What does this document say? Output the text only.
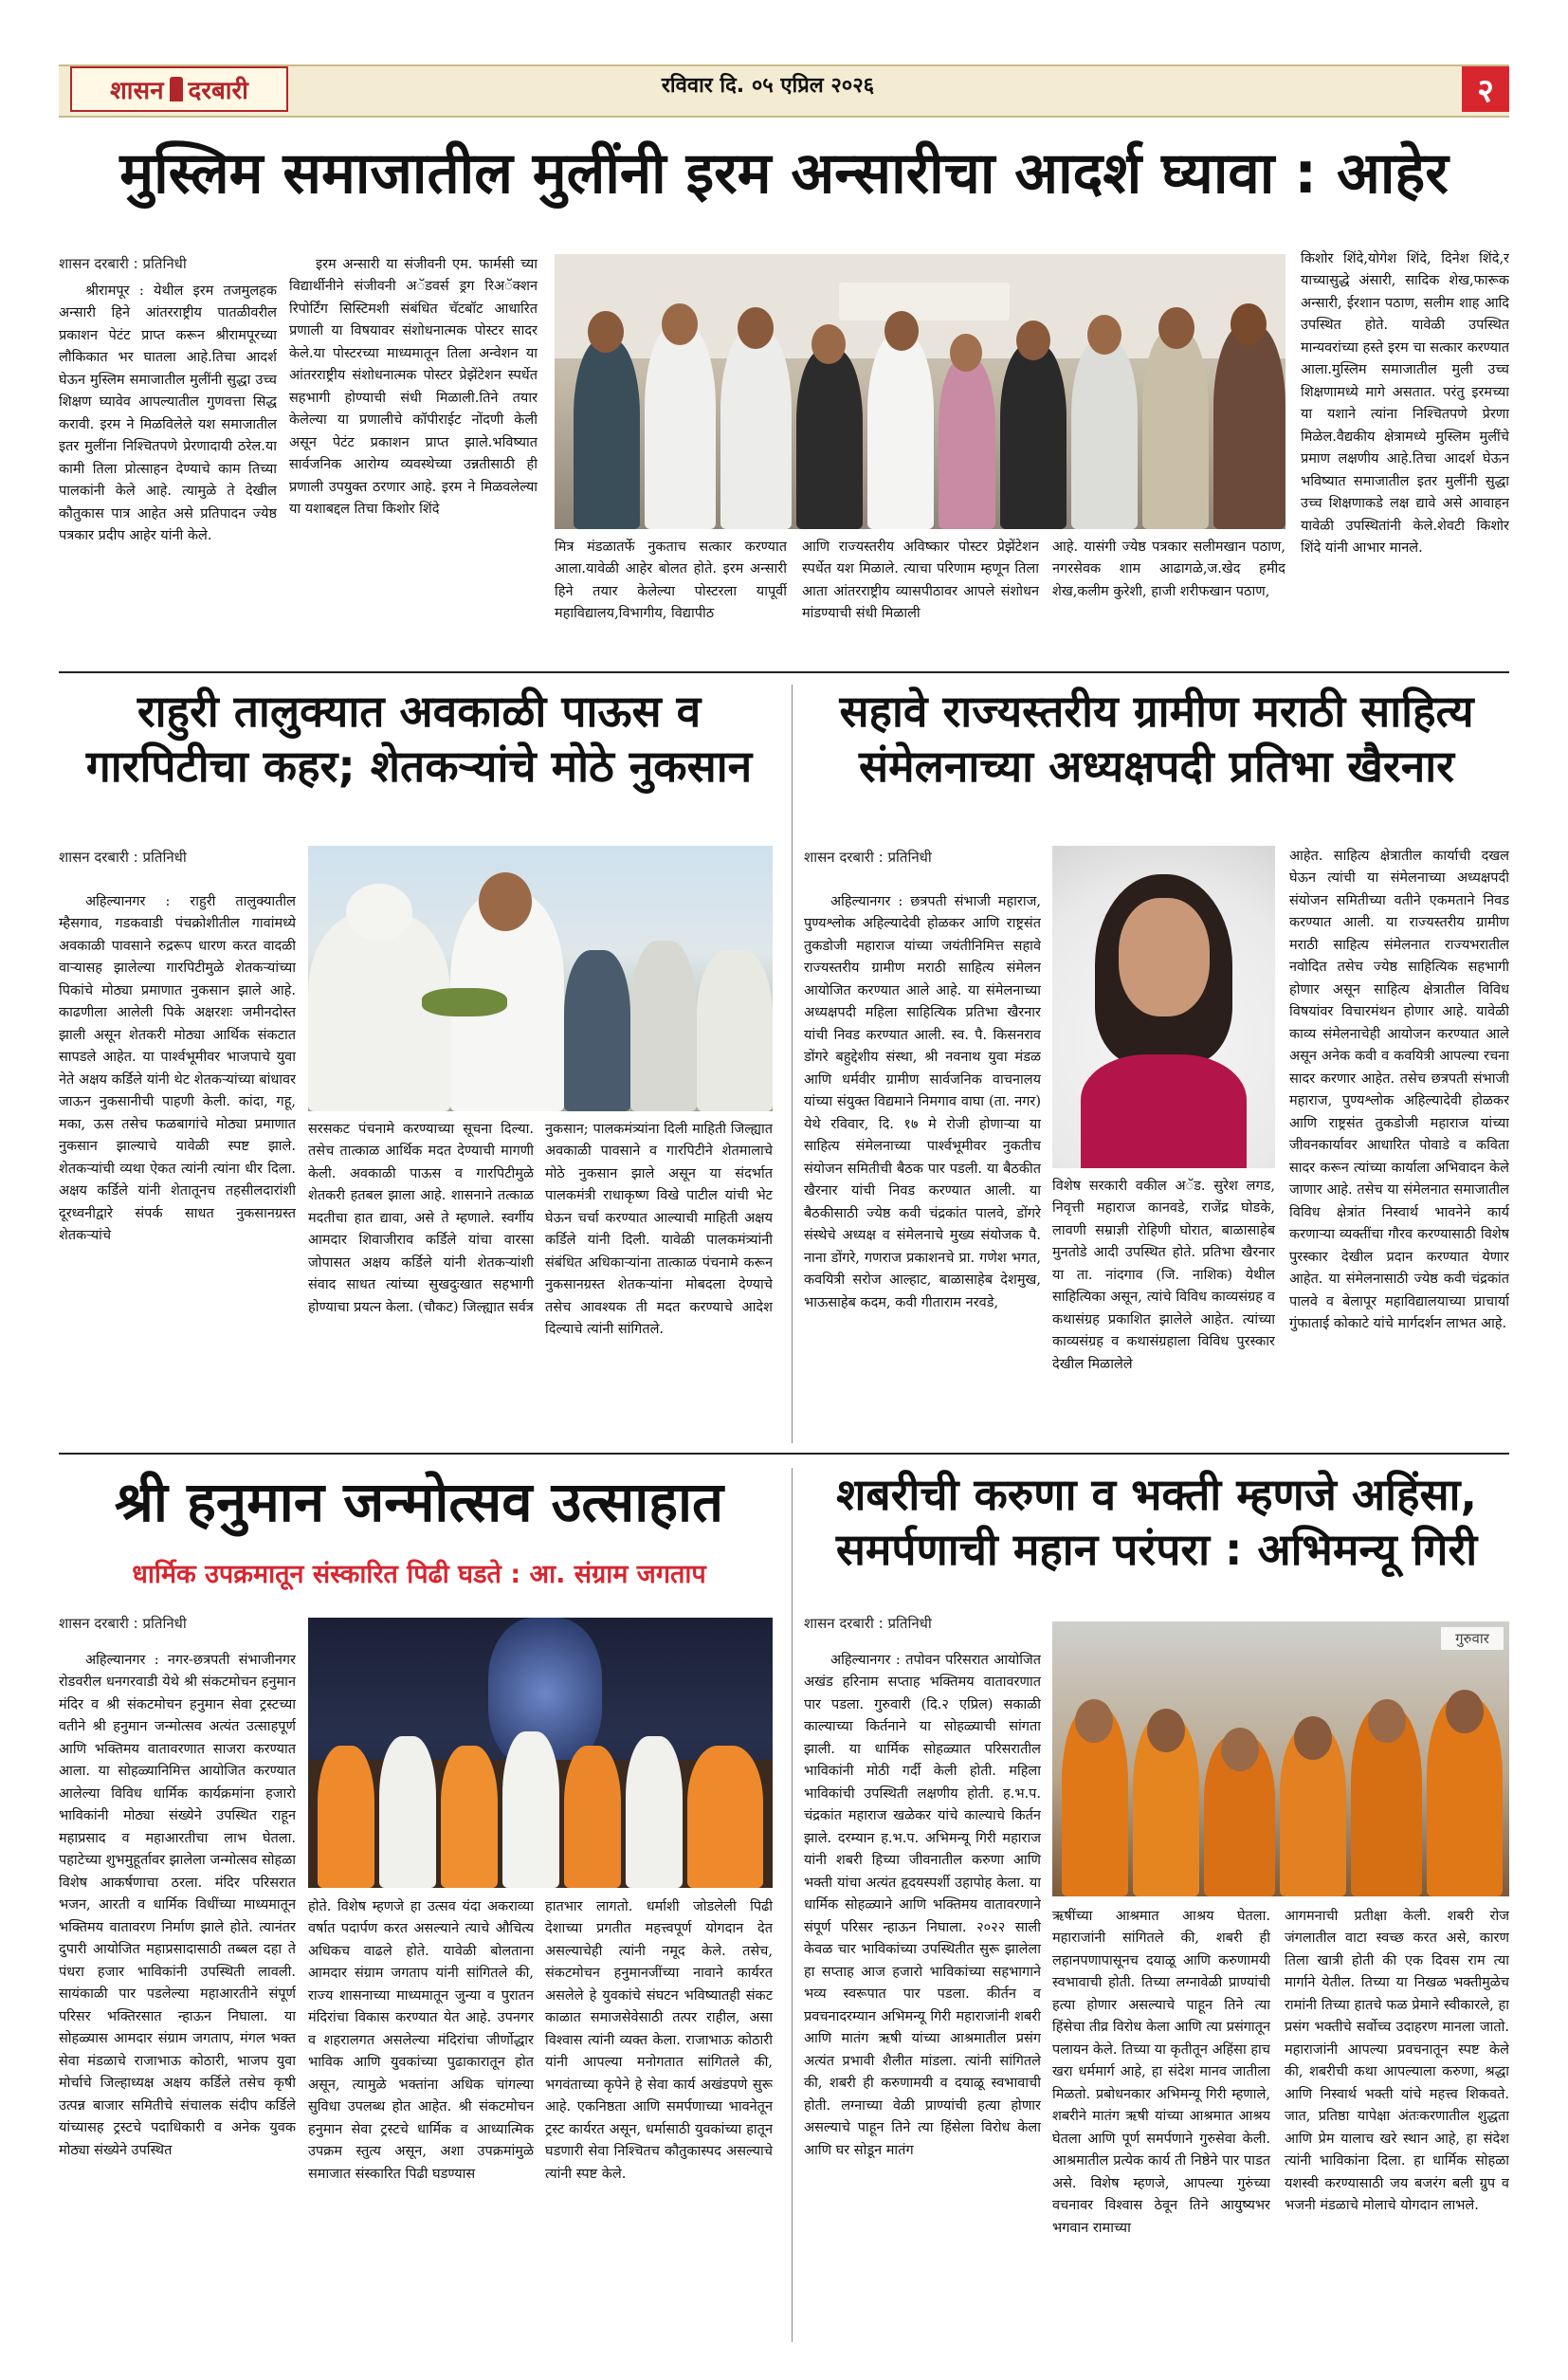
शासन दरबारी	रविवार दि. ०५ एप्रिल २०२६	२
मुस्लिम समाजातील मुलींनी इरम अन्सारीचा आदर्श घ्यावा : आहेर
शासन दरबारी : प्रतिनिधी

श्रीरामपूर : येथील इरम तजमुलहक अन्सारी हिने आंतरराष्ट्रीय पातळीवरील प्रकाशन पेटंट प्राप्त करून श्रीरामपूरच्या लौकिकात भर घातला आहे.तिचा आदर्श घेऊन मुस्लिम समाजातील मुलींनी सुद्धा उच्च शिक्षण घ्यावेव आपल्यातील गुणवत्ता सिद्ध करावी. इरम ने मिळविलेले यश समाजातील इतर मुलींना निश्चितपणे प्रेरणादायी ठरेल.या कामी तिला प्रोत्साहन देण्याचे काम तिच्या पालकांनी केले आहे. त्यामुळे ते देखील कौतुकास पात्र आहेत असे प्रतिपादन ज्येष्ठ पत्रकार प्रदीप आहेर यांनी केले.

इरम अन्सारी या संजीवनी एम. फार्मसी च्या विद्यार्थीनीने संजीवनी अॅडवर्स ड्रग रिअॅक्शन रिपोर्टिंग सिस्टिमशी संबंधित चॅटबॉट आधारित प्रणाली या विषयावर संशोधनात्मक पोस्टर सादर केले.या पोस्टरच्या माध्यमातून तिला अन्वेशन या आंतरराष्ट्रीय संशोधनात्मक पोस्टर प्रेझेंटेशन स्पर्धेत सहभागी होण्याची संधी मिळाली.तिने तयार केलेल्या या प्रणालीचे कॉपीराईट नोंदणी केली असून पेटंट प्रकाशन प्राप्त झाले.भविष्यात सार्वजनिक आरोग्य व्यवस्थेच्या उन्नतीसाठी ही प्रणाली उपयुक्त ठरणार आहे. इरम ने मिळवलेल्या या यशाबद्दल तिचा किशोर शिंदे

मित्र मंडळातर्फे नुकताच सत्कार करण्यात आला.यावेळी आहेर बोलत होते. इरम अन्सारी हिने तयार केलेल्या पोस्टरला यापूर्वी महाविद्यालय,विभागीय, विद्यापीठ

आणि राज्यस्तरीय अविष्कार पोस्टर प्रेझेंटेशन स्पर्धेत यश मिळाले. त्याचा परिणाम म्हणून तिला आता आंतरराष्ट्रीय व्यासपीठावर आपले संशोधन मांडण्याची संधी मिळाली

आहे. यासंगी ज्येष्ठ पत्रकार सलीमखान पठाण, नगरसेवक शाम आढागळे,ज.खेद हमीद शेख,कलीम कुरेशी, हाजी शरीफखान पठाण,

किशोर शिंदे,योगेश शिंदे, दिनेश शिंदे,र याच्यासुद्धे अंसारी, सादिक शेख,फारूक अन्सारी, ईरशान पठाण, सलीम शाह आदि उपस्थित होते. यावेळी उपस्थित मान्यवरांच्या हस्ते इरम चा सत्कार करण्यात आला.मुस्लिम समाजातील मुली उच्च शिक्षणामध्ये मागे असतात. परंतु इरमच्या या यशाने त्यांना निश्चितपणे प्रेरणा मिळेल.वैद्यकीय क्षेत्रामध्ये मुस्लिम मुलींचे प्रमाण लक्षणीय आहे.तिचा आदर्श घेऊन भविष्यात समाजातील इतर मुलींनी सुद्धा उच्च शिक्षणाकडे लक्ष द्यावे असे आवाहन यावेळी उपस्थितांनी केले.शेवटी किशोर शिंदे यांनी आभार मानले.

राहुरी तालुक्यात अवकाळी पाऊस व
गारपिटीचा कहर; शेतकऱ्यांचे मोठे नुकसान
शासन दरबारी : प्रतिनिधी

अहिल्यानगर : राहुरी तालुक्यातील म्हैसगाव, गडकवाडी पंचक्रोशीतील गावांमध्ये अवकाळी पावसाने रुद्ररूप धारण करत वादळी वाऱ्यासह झालेल्या गारपिटीमुळे शेतकऱ्यांच्या पिकांचे मोठ्या प्रमाणात नुकसान झाले आहे. काढणीला आलेली पिके अक्षरशः जमीनदोस्त झाली असून शेतकरी मोठ्या आर्थिक संकटात सापडले आहेत. या पार्श्वभूमीवर भाजपाचे युवा नेते अक्षय कर्डिले यांनी थेट शेतकऱ्यांच्या बांधावर जाऊन नुकसानीची पाहणी केली. कांदा, गहू, मका, ऊस तसेच फळबागांचे मोठ्या प्रमाणात नुकसान झाल्याचे यावेळी स्पष्ट झाले. शेतकऱ्यांची व्यथा ऐकत त्यांनी त्यांना धीर दिला. अक्षय कर्डिले यांनी शेतातूनच तहसीलदारांशी दूरध्वनीद्वारे संपर्क साधत नुकसानग्रस्त शेतकऱ्यांचे

सरसकट पंचनामे करण्याच्या सूचना दिल्या. तसेच तात्काळ आर्थिक मदत देण्याची मागणी केली. अवकाळी पाऊस व गारपिटीमुळे शेतकरी हतबल झाला आहे. शासनाने तत्काळ मदतीचा हात द्यावा, असे ते म्हणाले. स्वर्गीय आमदार शिवाजीराव कर्डिले यांचा वारसा जोपासत अक्षय कर्डिले यांनी शेतकऱ्यांशी संवाद साधत त्यांच्या सुखदुःखात सहभागी होण्याचा प्रयत्न केला. (चौकट) जिल्ह्यात सर्वत्र

नुकसान; पालकमंत्र्यांना दिली माहिती जिल्ह्यात अवकाळी पावसाने व गारपिटीने शेतमालाचे मोठे नुकसान झाले असून या संदर्भात पालकमंत्री राधाकृष्ण विखे पाटील यांची भेट घेऊन चर्चा करण्यात आल्याची माहिती अक्षय कर्डिले यांनी दिली. यावेळी पालकमंत्र्यांनी संबंधित अधिकाऱ्यांना तात्काळ पंचनामे करून नुकसानग्रस्त शेतकऱ्यांना मोबदला देण्याचे तसेच आवश्यक ती मदत करण्याचे आदेश दिल्याचे त्यांनी सांगितले.

सहावे राज्यस्तरीय ग्रामीण मराठी साहित्य
संमेलनाच्या अध्यक्षपदी प्रतिभा खैरनार
शासन दरबारी : प्रतिनिधी

अहिल्यानगर : छत्रपती संभाजी महाराज, पुण्यश्लोक अहिल्यादेवी होळकर आणि राष्ट्रसंत तुकडोजी महाराज यांच्या जयंतीनिमित्त सहावे राज्यस्तरीय ग्रामीण मराठी साहित्य संमेलन आयोजित करण्यात आले आहे. या संमेलनाच्या अध्यक्षपदी महिला साहित्यिक प्रतिभा खैरनार यांची निवड करण्यात आली. स्व. पै. किसनराव डोंगरे बहुद्देशीय संस्था, श्री नवनाथ युवा मंडळ आणि धर्मवीर ग्रामीण सार्वजनिक वाचनालय यांच्या संयुक्त विद्यमाने निमगाव वाघा (ता. नगर) येथे रविवार, दि. १७ मे रोजी होणाऱ्या या साहित्य संमेलनाच्या पार्श्वभूमीवर नुकतीच संयोजन समितीची बैठक पार पडली. या बैठकीत खैरनार यांची निवड करण्यात आली. या बैठकीसाठी ज्येष्ठ कवी चंद्रकांत पालवे, डोंगरे संस्थेचे अध्यक्ष व संमेलनाचे मुख्य संयोजक पै. नाना डोंगरे, गणराज प्रकाशनचे प्रा. गणेश भगत, कवयित्री सरोज आल्हाट, बाळासाहेब देशमुख, भाऊसाहेब कदम, कवी गीताराम नरवडे,

विशेष सरकारी वकील अॅड. सुरेश लगड, निवृत्ती महाराज कानवडे, राजेंद्र घोडके, लावणी सम्राज्ञी रोहिणी घोरात, बाळासाहेब मुनतोडे आदी उपस्थित होते. प्रतिभा खैरनार या ता. नांदगाव (जि. नाशिक) येथील साहित्यिका असून, त्यांचे विविध काव्यसंग्रह व कथासंग्रह प्रकाशित झालेले आहेत. त्यांच्या काव्यसंग्रह व कथासंग्रहाला विविध पुरस्कार देखील मिळालेले

आहेत. साहित्य क्षेत्रातील कार्याची दखल घेऊन त्यांची या संमेलनाच्या अध्यक्षपदी संयोजन समितीच्या वतीने एकमताने निवड करण्यात आली. या राज्यस्तरीय ग्रामीण मराठी साहित्य संमेलनात राज्यभरातील नवोदित तसेच ज्येष्ठ साहित्यिक सहभागी होणार असून साहित्य क्षेत्रातील विविध विषयांवर विचारमंथन होणार आहे. यावेळी काव्य संमेलनाचेही आयोजन करण्यात आले असून अनेक कवी व कवयित्री आपल्या रचना सादर करणार आहेत. तसेच छत्रपती संभाजी महाराज, पुण्यश्लोक अहिल्यादेवी होळकर आणि राष्ट्रसंत तुकडोजी महाराज यांच्या जीवनकार्यावर आधारित पोवाडे व कविता सादर करून त्यांच्या कार्याला अभिवादन केले जाणार आहे. तसेच या संमेलनात समाजातील विविध क्षेत्रांत निस्वार्थ भावनेने कार्य करणाऱ्या व्यक्तींचा गौरव करण्यासाठी विशेष पुरस्कार देखील प्रदान करण्यात येणार आहेत. या संमेलनासाठी ज्येष्ठ कवी चंद्रकांत पालवे व बेलापूर महाविद्यालयाच्या प्राचार्या गुंफाताई कोकाटे यांचे मार्गदर्शन लाभत आहे.

श्री हनुमान जन्मोत्सव उत्साहात
धार्मिक उपक्रमातून संस्कारित पिढी घडते : आ. संग्राम जगताप
शासन दरबारी : प्रतिनिधी

अहिल्यानगर : नगर-छत्रपती संभाजीनगर रोडवरील धनगरवाडी येथे श्री संकटमोचन हनुमान मंदिर व श्री संकटमोचन हनुमान सेवा ट्रस्टच्या वतीने श्री हनुमान जन्मोत्सव अत्यंत उत्साहपूर्ण आणि भक्तिमय वातावरणात साजरा करण्यात आला. या सोहळ्यानिमित्त आयोजित करण्यात आलेल्या विविध धार्मिक कार्यक्रमांना हजारो भाविकांनी मोठ्या संख्येने उपस्थित राहून महाप्रसाद व महाआरतीचा लाभ घेतला. पहाटेच्या शुभमुहूर्तावर झालेला जन्मोत्सव सोहळा विशेष आकर्षणाचा ठरला. मंदिर परिसरात भजन, आरती व धार्मिक विधींच्या माध्यमातून भक्तिमय वातावरण निर्माण झाले होते. त्यानंतर दुपारी आयोजित महाप्रसादासाठी तब्बल दहा ते पंधरा हजार भाविकांनी उपस्थिती लावली. सायंकाळी पार पडलेल्या महाआरतीने संपूर्ण परिसर भक्तिरसात न्हाऊन निघाला. या सोहळ्यास आमदार संग्राम जगताप, मंगल भक्त सेवा मंडळाचे राजाभाऊ कोठारी, भाजप युवा मोर्चाचे जिल्हाध्यक्ष अक्षय कर्डिले तसेच कृषी उत्पन्न बाजार समितीचे संचालक संदीप कर्डिले यांच्यासह ट्रस्टचे पदाधिकारी व अनेक युवक मोठ्या संख्येने उपस्थित

होते. विशेष म्हणजे हा उत्सव यंदा अकराव्या वर्षात पदार्पण करत असल्याने त्याचे औचित्य अधिकच वाढले होते. यावेळी बोलताना आमदार संग्राम जगताप यांनी सांगितले की, राज्य शासनाच्या माध्यमातून जुन्या व पुरातन मंदिरांचा विकास करण्यात येत आहे. उपनगर व शहरालगत असलेल्या मंदिरांचा जीर्णोद्धार भाविक आणि युवकांच्या पुढाकारातून होत असून, त्यामुळे भक्तांना अधिक चांगल्या सुविधा उपलब्ध होत आहेत. श्री संकटमोचन हनुमान सेवा ट्रस्टचे धार्मिक व आध्यात्मिक उपक्रम स्तुत्य असून, अशा उपक्रमांमुळे समाजात संस्कारित पिढी घडण्यास

हातभार लागतो. धर्माशी जोडलेली पिढी देशाच्या प्रगतीत महत्त्वपूर्ण योगदान देत असल्याचेही त्यांनी नमूद केले. तसेच, संकटमोचन हनुमानजींच्या नावाने कार्यरत असलेले हे युवकांचे संघटन भविष्यातही संकट काळात समाजसेवेसाठी तत्पर राहील, असा विश्वास त्यांनी व्यक्त केला. राजाभाऊ कोठारी यांनी आपल्या मनोगतात सांगितले की, भगवंताच्या कृपेने हे सेवा कार्य अखंडपणे सुरू आहे. एकनिष्ठता आणि समर्पणाच्या भावनेतून ट्रस्ट कार्यरत असून, धर्मासाठी युवकांच्या हातून घडणारी सेवा निश्चितच कौतुकास्पद असल्याचे त्यांनी स्पष्ट केले.

शबरीची करुणा व भक्ती म्हणजे अहिंसा,
समर्पणाची महान परंपरा : अभिमन्यू गिरी
शासन दरबारी : प्रतिनिधी

अहिल्यानगर : तपोवन परिसरात आयोजित अखंड हरिनाम सप्ताह भक्तिमय वातावरणात पार पडला. गुरुवारी (दि.२ एप्रिल) सकाळी काल्याच्या किर्तनाने या सोहळ्याची सांगता झाली. या धार्मिक सोहळ्यात परिसरातील भाविकांनी मोठी गर्दी केली होती. महिला भाविकांची उपस्थिती लक्षणीय होती. ह.भ.प. चंद्रकांत महाराज खळेकर यांचे काल्याचे किर्तन झाले. दरम्यान ह.भ.प. अभिमन्यू गिरी महाराज यांनी शबरी हिच्या जीवनातील करुणा आणि भक्ती यांचा अत्यंत हृदयस्पर्शी उहापोह केला. या धार्मिक सोहळ्याने आणि भक्तिमय वातावरणाने संपूर्ण परिसर न्हाऊन निघाला. २०२२ साली केवळ चार भाविकांच्या उपस्थितीत सुरू झालेला हा सप्ताह आज हजारो भाविकांच्या सहभागाने भव्य स्वरूपात पार पडला. कीर्तन व प्रवचनादरम्यान अभिमन्यू गिरी महाराजांनी शबरी आणि मातंग ऋषी यांच्या आश्रमातील प्रसंग अत्यंत प्रभावी शैलीत मांडला. त्यांनी सांगितले की, शबरी ही करुणामयी व दयाळू स्वभावाची होती. लग्नाच्या वेळी प्राण्यांची हत्या होणार असल्याचे पाहून तिने त्या हिंसेला विरोध केला आणि घर सोडून मातंग

गुरुवार

ऋषींच्या आश्रमात आश्रय घेतला. महाराजांनी सांगितले की, शबरी ही लहानपणापासूनच दयाळू आणि करुणामयी स्वभावाची होती. तिच्या लग्नावेळी प्राण्यांची हत्या होणार असल्याचे पाहून तिने त्या हिंसेचा तीव्र विरोध केला आणि त्या प्रसंगातून पलायन केले. तिच्या या कृतीतून अहिंसा हाच खरा धर्ममार्ग आहे, हा संदेश मानव जातीला मिळतो. प्रबोधनकार अभिमन्यू गिरी म्हणाले, शबरीने मातंग ऋषी यांच्या आश्रमात आश्रय घेतला आणि पूर्ण समर्पणाने गुरुसेवा केली. आश्रमातील प्रत्येक कार्य ती निष्ठेने पार पाडत असे. विशेष म्हणजे, आपल्या गुरुंच्या वचनावर विश्वास ठेवून तिने आयुष्यभर भगवान रामाच्या

आगमनाची प्रतीक्षा केली. शबरी रोज जंगलातील वाटा स्वच्छ करत असे, कारण तिला खात्री होती की एक दिवस राम त्या मार्गाने येतील. तिच्या या निखळ भक्तीमुळेच रामांनी तिच्या हातचे फळ प्रेमाने स्वीकारले, हा प्रसंग भक्तीचे सर्वोच्च उदाहरण मानला जातो. महाराजांनी आपल्या प्रवचनातून स्पष्ट केले की, शबरीची कथा आपल्याला करुणा, श्रद्धा आणि निस्वार्थ भक्ती यांचे महत्त्व शिकवते. जात, प्रतिष्ठा यापेक्षा अंतःकरणातील शुद्धता आणि प्रेम यालाच खरे स्थान आहे, हा संदेश त्यांनी भाविकांना दिला. हा धार्मिक सोहळा यशस्वी करण्यासाठी जय बजरंग बली ग्रुप व भजनी मंडळाचे मोलाचे योगदान लाभले.
